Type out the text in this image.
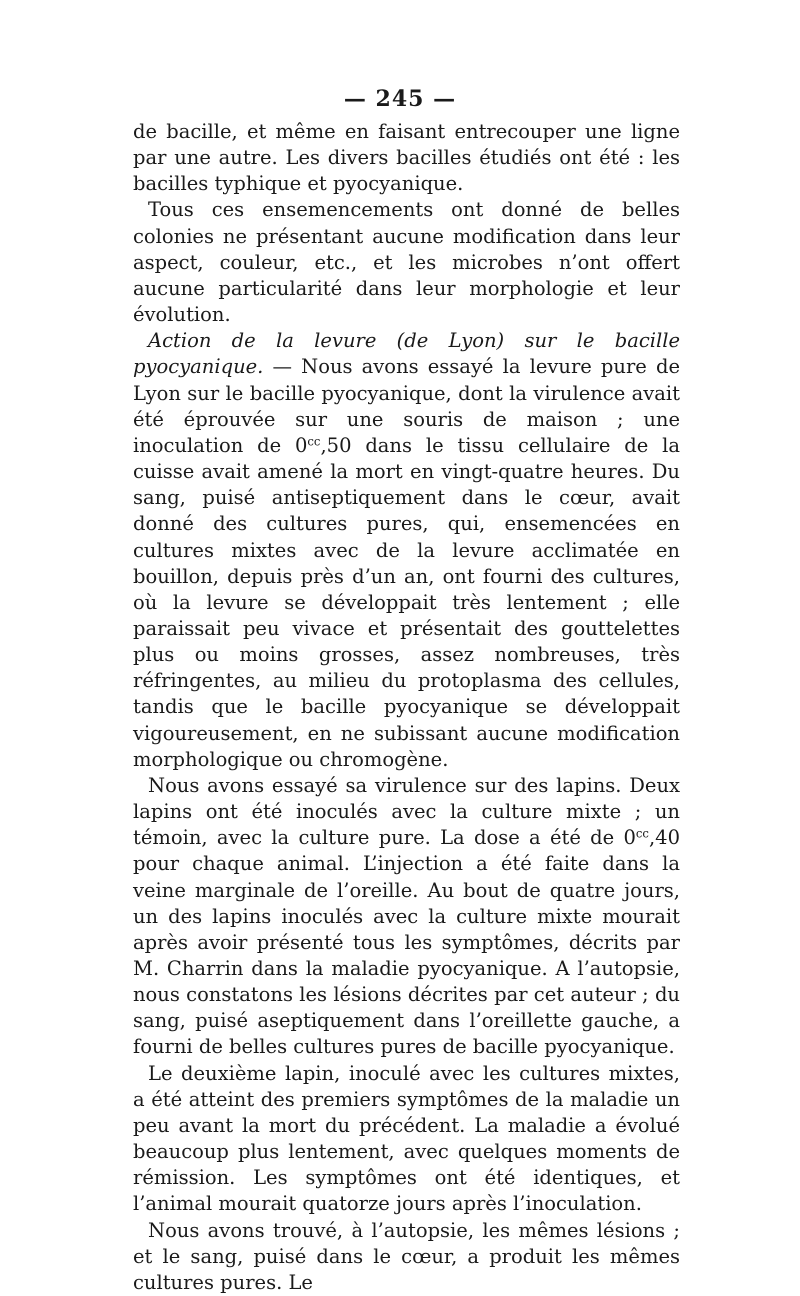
— 245 —

de bacille, et même en faisant entrecouper une ligne par une autre. Les divers bacilles étudiés ont été : les bacilles typhique et pyocyanique.

Tous ces ensemencements ont donné de belles colonies ne présentant aucune modification dans leur aspect, couleur, etc., et les microbes n’ont offert aucune particularité dans leur morphologie et leur évolution.

Action de la levure (de Lyon) sur le bacille pyocyanique. — Nous avons essayé la levure pure de Lyon sur le bacille pyocyanique, dont la virulence avait été éprouvée sur une souris de maison ; une inoculation de $0^{cc},50$ dans le tissu cellulaire de la cuisse avait amené la mort en vingt-quatre heures. Du sang, puisé antiseptiquement dans le cœur, avait donné des cultures pures, qui, ensemencées en cultures mixtes avec de la levure acclimatée en bouillon, depuis près d’un an, ont fourni des cultures, où la levure se développait très lentement ; elle paraissait peu vivace et présentait des gouttelettes plus ou moins grosses, assez nombreuses, très réfringentes, au milieu du protoplasma des cellules, tandis que le bacille pyocyanique se développait vigoureusement, en ne subissant aucune modification morphologique ou chromogène.

Nous avons essayé sa virulence sur des lapins. Deux lapins ont été inoculés avec la culture mixte ; un témoin, avec la culture pure. La dose a été de $0^{cc},40$ pour chaque animal. L’injection a été faite dans la veine marginale de l’oreille. Au bout de quatre jours, un des lapins inoculés avec la culture mixte mourait après avoir présenté tous les symptômes, décrits par M. Charrin dans la maladie pyocyanique. A l’autopsie, nous constatons les lésions décrites par cet auteur ; du sang, puisé aseptiquement dans l’oreillette gauche, a fourni de belles cultures pures de bacille pyocyanique.

Le deuxième lapin, inoculé avec les cultures mixtes, a été atteint des premiers symptômes de la maladie un peu avant la mort du précédent. La maladie a évolué beaucoup plus lentement, avec quelques moments de rémission. Les symptômes ont été identiques, et l’animal mourait quatorze jours après l’inoculation.

Nous avons trouvé, à l’autopsie, les mêmes lésions ; et le sang, puisé dans le cœur, a produit les mêmes cultures pures. Le
